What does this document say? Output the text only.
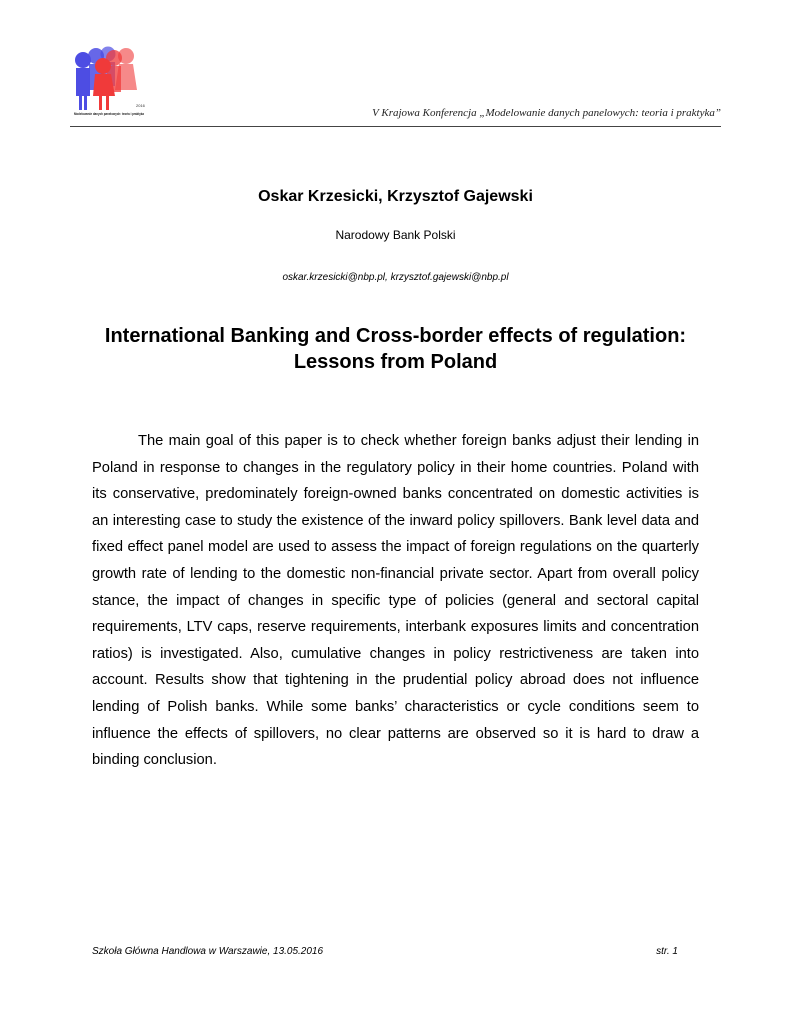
2016
Modelowanie danych panelowych: teoria i praktyka	V Krajowa Konferencja „Modelowanie danych panelowych: teoria i praktyka”
Oskar Krzesicki, Krzysztof Gajewski
Narodowy Bank Polski
oskar.krzesicki@nbp.pl, krzysztof.gajewski@nbp.pl
International Banking and Cross-border effects of regulation:
Lessons from Poland
The main goal of this paper is to check whether foreign banks adjust their lending in Poland in response to changes in the regulatory policy in their home countries. Poland with its conservative, predominately foreign-owned banks concentrated on domestic activities is an interesting case to study the existence of the inward policy spillovers. Bank level data and fixed effect panel model are used to assess the impact of foreign regulations on the quarterly growth rate of lending to the domestic non-financial private sector. Apart from overall policy stance, the impact of changes in specific type of policies (general and sectoral capital requirements, LTV caps, reserve requirements, interbank exposures limits and concentration ratios) is investigated. Also, cumulative changes in policy restrictiveness are taken into account. Results show that tightening in the prudential policy abroad does not influence lending of Polish banks. While some banks’ characteristics or cycle conditions seem to influence the effects of spillovers, no clear patterns are observed so it is hard to draw a binding conclusion.
Szkoła Główna Handlowa w Warszawie, 13.05.2016	str. 1
